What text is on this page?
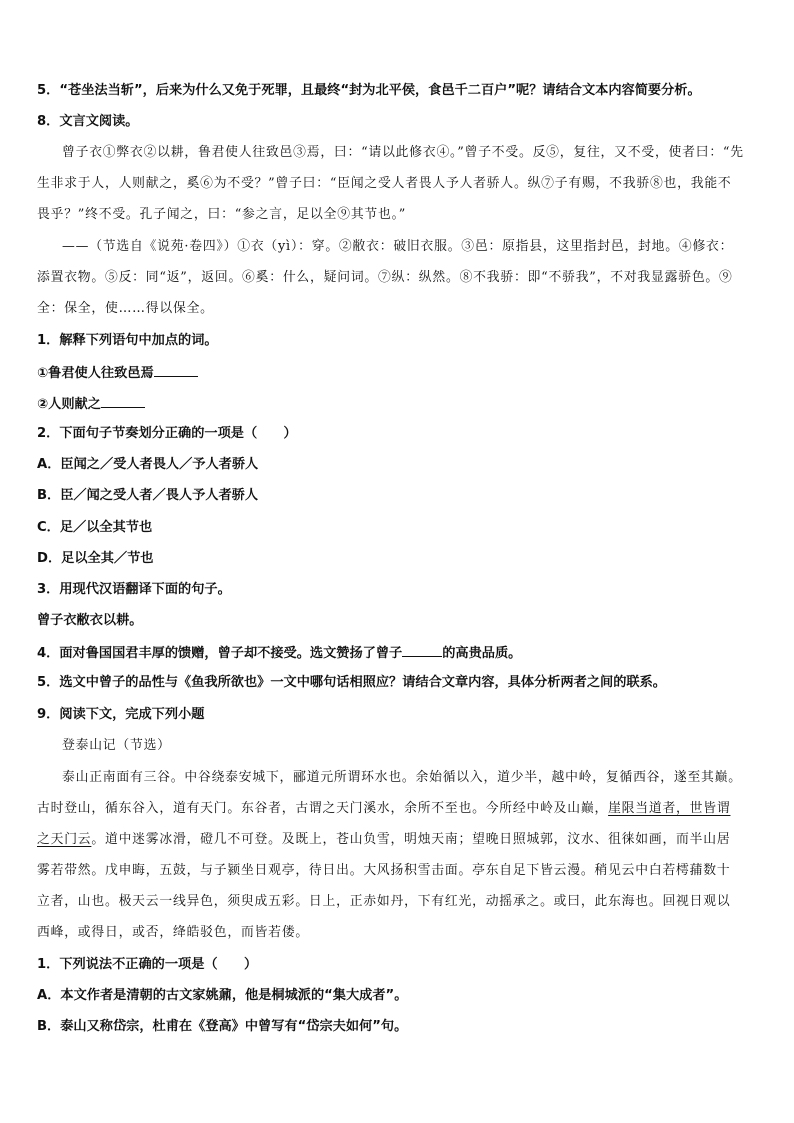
5．“苍坐法当斩”，后来为什么又免于死罪，且最终“封为北平侯，食邑千二百户”呢？请结合文本内容简要分析。
8．文言文阅读。
曾子衣①弊衣②以耕，鲁君使人往致邑③焉，曰：“请以此修衣④。”曾子不受。反⑤，复往，又不受，使者曰：“先
生非求于人，人则献之，奚⑥为不受？”曾子曰：“臣闻之受人者畏人予人者骄人。纵⑦子有赐，不我骄⑧也，我能不
畏乎？”终不受。孔子闻之，曰：“参之言，足以全⑨其节也。”
——（节选自《说苑·卷四》）①衣（yì）：穿。②敝衣：破旧衣服。③邑：原指县，这里指封邑，封地。④修衣：
添置衣物。⑤反：同“返”，返回。⑥奚：什么，疑问词。⑦纵：纵然。⑧不我骄：即“不骄我”，不对我显露骄色。⑨
全：保全，使……得以保全。
1．解释下列语句中加点的词。
①鲁君使人往致邑焉
②人则献之
2．下面句子节奏划分正确的一项是（　　）
A．臣闻之／受人者畏人／予人者骄人
B．臣／闻之受人者／畏人予人者骄人
C．足／以全其节也
D．足以全其／节也
3．用现代汉语翻译下面的句子。
曾子衣敝衣以耕。
4．面对鲁国国君丰厚的馈赠，曾子却不接受。选文赞扬了曾子	的高贵品质。
5．选文中曾子的品性与《鱼我所欲也》一文中哪句话相照应？请结合文章内容，具体分析两者之间的联系。
9．阅读下文，完成下列小题
登泰山记（节选）
泰山正南面有三谷。中谷绕泰安城下，郦道元所谓环水也。余始循以入，道少半，越中岭，复循西谷，遂至其巅。
古时登山，循东谷入，道有天门。东谷者，古谓之天门溪水，余所不至也。今所经中岭及山巅，崖限当道者，世皆谓
之天门云。道中迷雾冰滑，磴几不可登。及既上，苍山负雪，明烛天南；望晚日照城郭，汶水、徂徕如画，而半山居
雾若带然。戊申晦，五鼓，与子颍坐日观亭，待日出。大风扬积雪击面。亭东自足下皆云漫。稍见云中白若樗蒱数十
立者，山也。极天云一线异色，须臾成五彩。日上，正赤如丹，下有红光，动摇承之。或曰，此东海也。回视日观以
西峰，或得日，或否，绛皓驳色，而皆若偻。
1．下列说法不正确的一项是（　　）
A．本文作者是清朝的古文家姚鼐，他是桐城派的“集大成者”。
B．泰山又称岱宗，杜甫在《登高》中曾写有“岱宗夫如何”句。
